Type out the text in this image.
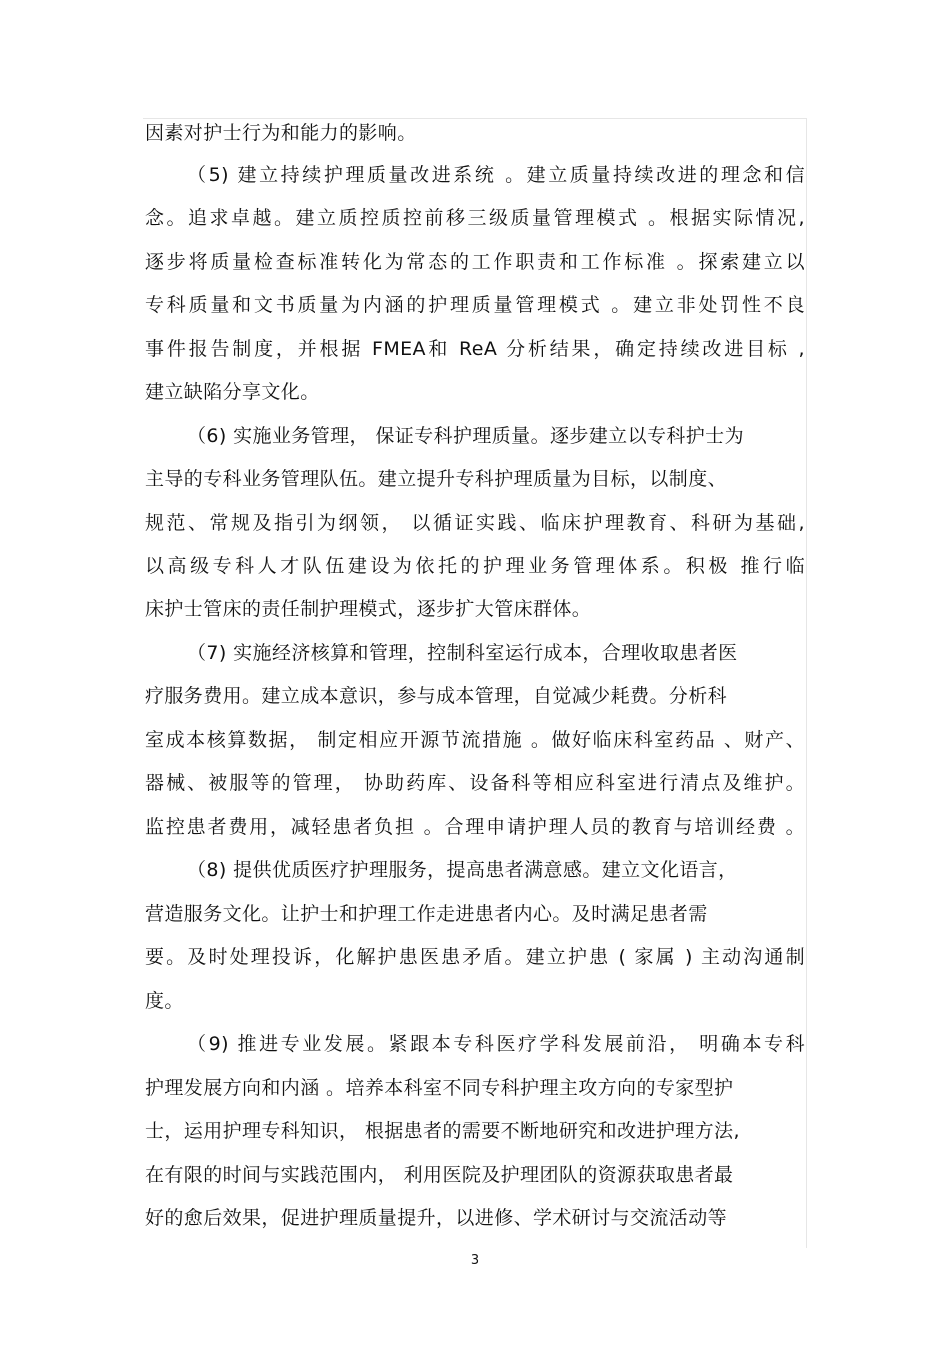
因素对护士行为和能力的影响。
（5) 建立持续护理质量改进系统 。建立质量持续改进的理念和信
念。追求卓越。建立质控质控前移三级质量管理模式 。根据实际情况,
逐步将质量检查标准转化为常态的工作职责和工作标准 。探索建立以
专科质量和文书质量为内涵的护理质量管理模式 。建立非处罚性不良
事件报告制度，并根据 FMEA和 ReA 分析结果，确定持续改进目标 ,
建立缺陷分享文化。
（6) 实施业务管理， 保证专科护理质量。逐步建立以专科护士为
主导的专科业务管理队伍。建立提升专科护理质量为目标，以制度、
规范、常规及指引为纲领， 以循证实践、临床护理教育、科研为基础,
以高级专科人才队伍建设为依托的护理业务管理体系。积极 推行临
床护士管床的责任制护理模式，逐步扩大管床群体。
（7) 实施经济核算和管理，控制科室运行成本，合理收取患者医
疗服务费用。建立成本意识，参与成本管理，自觉减少耗费。分析科
室成本核算数据， 制定相应开源节流措施 。做好临床科室药品 、财产、
器械、被服等的管理， 协助药库、设备科等相应科室进行清点及维护。
监控患者费用，减轻患者负担 。合理申请护理人员的教育与培训经费 。
（8) 提供优质医疗护理服务，提高患者满意感。建立文化语言，
营造服务文化。让护士和护理工作走进患者内心。及时满足患者需
要。及时处理投诉，化解护患医患矛盾。建立护患 ( 家属 ) 主动沟通制
度。
（9) 推进专业发展。紧跟本专科医疗学科发展前沿， 明确本专科
护理发展方向和内涵 。培养本科室不同专科护理主攻方向的专家型护
士，运用护理专科知识， 根据患者的需要不断地研究和改进护理方法,
在有限的时间与实践范围内， 利用医院及护理团队的资源获取患者最
好的愈后效果，促进护理质量提升，以进修、学术研讨与交流活动等
3
